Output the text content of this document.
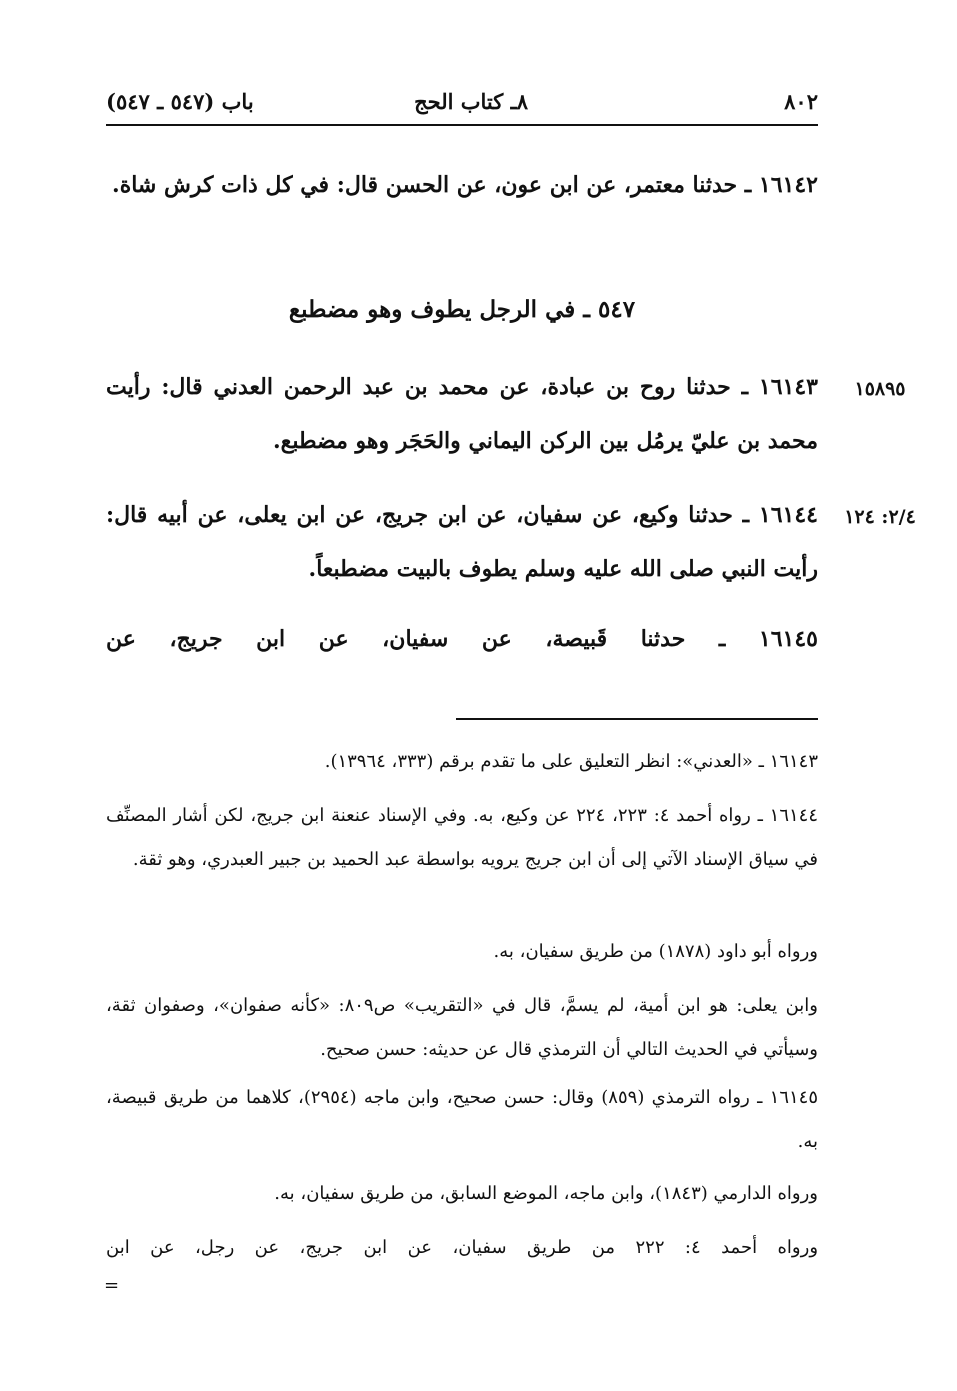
٨٠٢
٨ـ كتاب الحج
باب (٥٤٧ ـ ٥٤٧)
١٦١٤٢ ـ حدثنا معتمر، عن ابن عون، عن الحسن قال: في كل ذات كرش شاة.
٥٤٧ ـ في الرجل يطوف وهو مضطبع
١٥٨٩٥
١٦١٤٣ ـ حدثنا روح بن عبادة، عن محمد بن عبد الرحمن العدني قال: رأيت محمد بن عليّ يرمُل بين الركن اليماني والحَجَر وهو مضطبع.
٢/٤: ١٢٤
١٦١٤٤ ـ حدثنا وكيع، عن سفيان، عن ابن جريج، عن ابن يعلى، عن أبيه قال: رأيت النبي صلى الله عليه وسلم يطوف بالبيت مضطبعاً.
١٦١٤٥ ـ حدثنا قَبيصة، عن سفيان، عن ابن جريج، عن
١٦١٤٣ ـ «العدني»: انظر التعليق على ما تقدم برقم (٣٣٣، ١٣٩٦٤).
١٦١٤٤ ـ رواه أحمد ٤: ٢٢٣، ٢٢٤ عن وكيع، به. وفي الإسناد عنعنة ابن جريج، لكن أشار المصنِّف في سياق الإسناد الآتي إلى أن ابن جريج يرويه بواسطة عبد الحميد بن جبير العبدري، وهو ثقة.
ورواه أبو داود (١٨٧٨) من طريق سفيان، به.
وابن يعلى: هو ابن أمية، لم يسمَّ، قال في «التقريب» ص٨٠٩: «كأنه صفوان»، وصفوان ثقة، وسيأتي في الحديث التالي أن الترمذي قال عن حديثه: حسن صحيح.
١٦١٤٥ ـ رواه الترمذي (٨٥٩) وقال: حسن صحيح، وابن ماجه (٢٩٥٤)، كلاهما من طريق قبيصة، به.
ورواه الدارمي (١٨٤٣)، وابن ماجه، الموضع السابق، من طريق سفيان، به.
ورواه أحمد ٤: ٢٢٢ من طريق سفيان، عن ابن جريج، عن رجل، عن ابن
=
